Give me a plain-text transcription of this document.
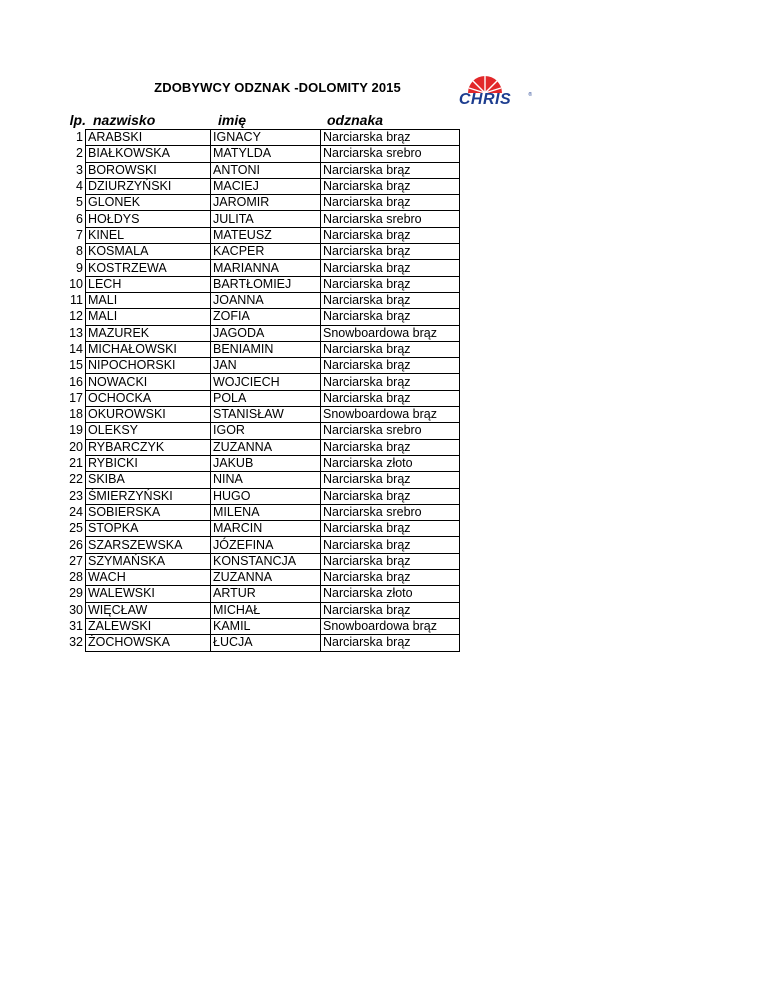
ZDOBYWCY ODZNAK -DOLOMITY 2015
CHRIS	®
lp. nazwisko	imię	odznaka
1	ARABSKI	IGNACY	Narciarska brąz
2	BIAŁKOWSKA	MATYLDA	Narciarska srebro
3	BOROWSKI	ANTONI	Narciarska brąz
4	DZIURZYŃSKI	MACIEJ	Narciarska brąz
5	GLONEK	JAROMIR	Narciarska brąz
6	HOŁDYS	JULITA	Narciarska srebro
7	KINEL	MATEUSZ	Narciarska brąz
8	KOSMALA	KACPER	Narciarska brąz
9	KOSTRZEWA	MARIANNA	Narciarska brąz
10	LECH	BARTŁOMIEJ	Narciarska brąz
11	MALI	JOANNA	Narciarska brąz
12	MALI	ZOFIA	Narciarska brąz
13	MAZUREK	JAGODA	Snowboardowa brąz
14	MICHAŁOWSKI	BENIAMIN	Narciarska brąz
15	NIPOCHORSKI	JAN	Narciarska brąz
16	NOWACKI	WOJCIECH	Narciarska brąz
17	OCHOCKA	POLA	Narciarska brąz
18	OKUROWSKI	STANISŁAW	Snowboardowa brąz
19	OLEKSY	IGOR	Narciarska srebro
20	RYBARCZYK	ZUZANNA	Narciarska brąz
21	RYBICKI	JAKUB	Narciarska złoto
22	SKIBA	NINA	Narciarska brąz
23	ŚMIERZYŃSKI	HUGO	Narciarska brąz
24	SOBIERSKA	MILENA	Narciarska srebro
25	STOPKA	MARCIN	Narciarska brąz
26	SZARSZEWSKA	JÓZEFINA	Narciarska brąz
27	SZYMAŃSKA	KONSTANCJA	Narciarska brąz
28	WACH	ZUZANNA	Narciarska brąz
29	WALEWSKI	ARTUR	Narciarska złoto
30	WIĘCŁAW	MICHAŁ	Narciarska brąz
31	ZALEWSKI	KAMIL	Snowboardowa brąz
32	ŻOCHOWSKA	ŁUCJA	Narciarska brąz
